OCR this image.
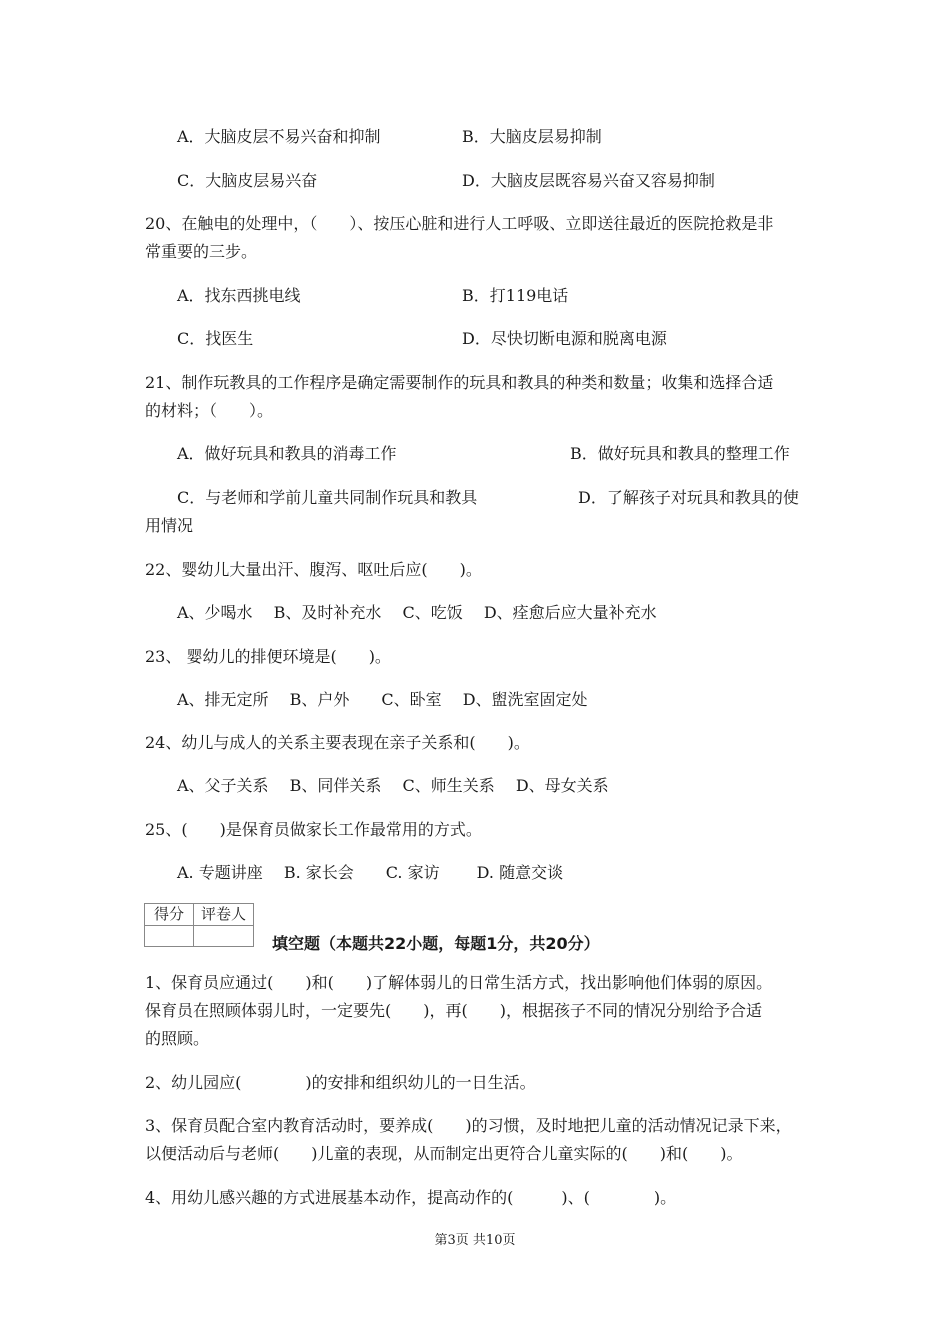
A．大脑皮层不易兴奋和抑制	B．大脑皮层易抑制
C．大脑皮层易兴奋	D．大脑皮层既容易兴奋又容易抑制
20、在触电的处理中，（　　）、按压心脏和进行人工呼吸、立即送往最近的医院抢救是非
常重要的三步。
A．找东西挑电线	B．打119电话
C．找医生	D．尽快切断电源和脱离电源
21、制作玩教具的工作程序是确定需要制作的玩具和教具的种类和数量；收集和选择合适
的材料；（　　）。
A．做好玩具和教具的消毒工作	B．做好玩具和教具的整理工作
C．与老师和学前儿童共同制作玩具和教具	D．了解孩子对玩具和教具的使
用情况
22、婴幼儿大量出汗、腹泻、呕吐后应(　　)。
A、少喝水　 B、及时补充水　 C、吃饭　 D、痊愈后应大量补充水
23、 婴幼儿的排便环境是(　　)。
A、排无定所　 B、户外　　C、卧室　 D、盥洗室固定处
24、幼儿与成人的关系主要表现在亲子关系和(　　)。
A、父子关系　 B、同伴关系　 C、师生关系　 D、母女关系
25、(　　)是保育员做家长工作最常用的方式。
A. 专题讲座　 B. 家长会　　C. 家访　　 D. 随意交谈
得分	评卷人
填空题（本题共22小题，每题1分，共20分）
1、保育员应通过(　　)和(　　)了解体弱儿的日常生活方式，找出影响他们体弱的原因。
保育员在照顾体弱儿时，一定要先(　　)，再(　　)，根据孩子不同的情况分别给予合适
的照顾。
2、幼儿园应(　　　　)的安排和组织幼儿的一日生活。
3、保育员配合室内教育活动时，要养成(　　)的习惯，及时地把儿童的活动情况记录下来，
以便活动后与老师(　　)儿童的表现，从而制定出更符合儿童实际的(　　)和(　　)。
4、用幼儿感兴趣的方式进展基本动作，提高动作的(　　　)、(　　　　)。
第3页 共10页
